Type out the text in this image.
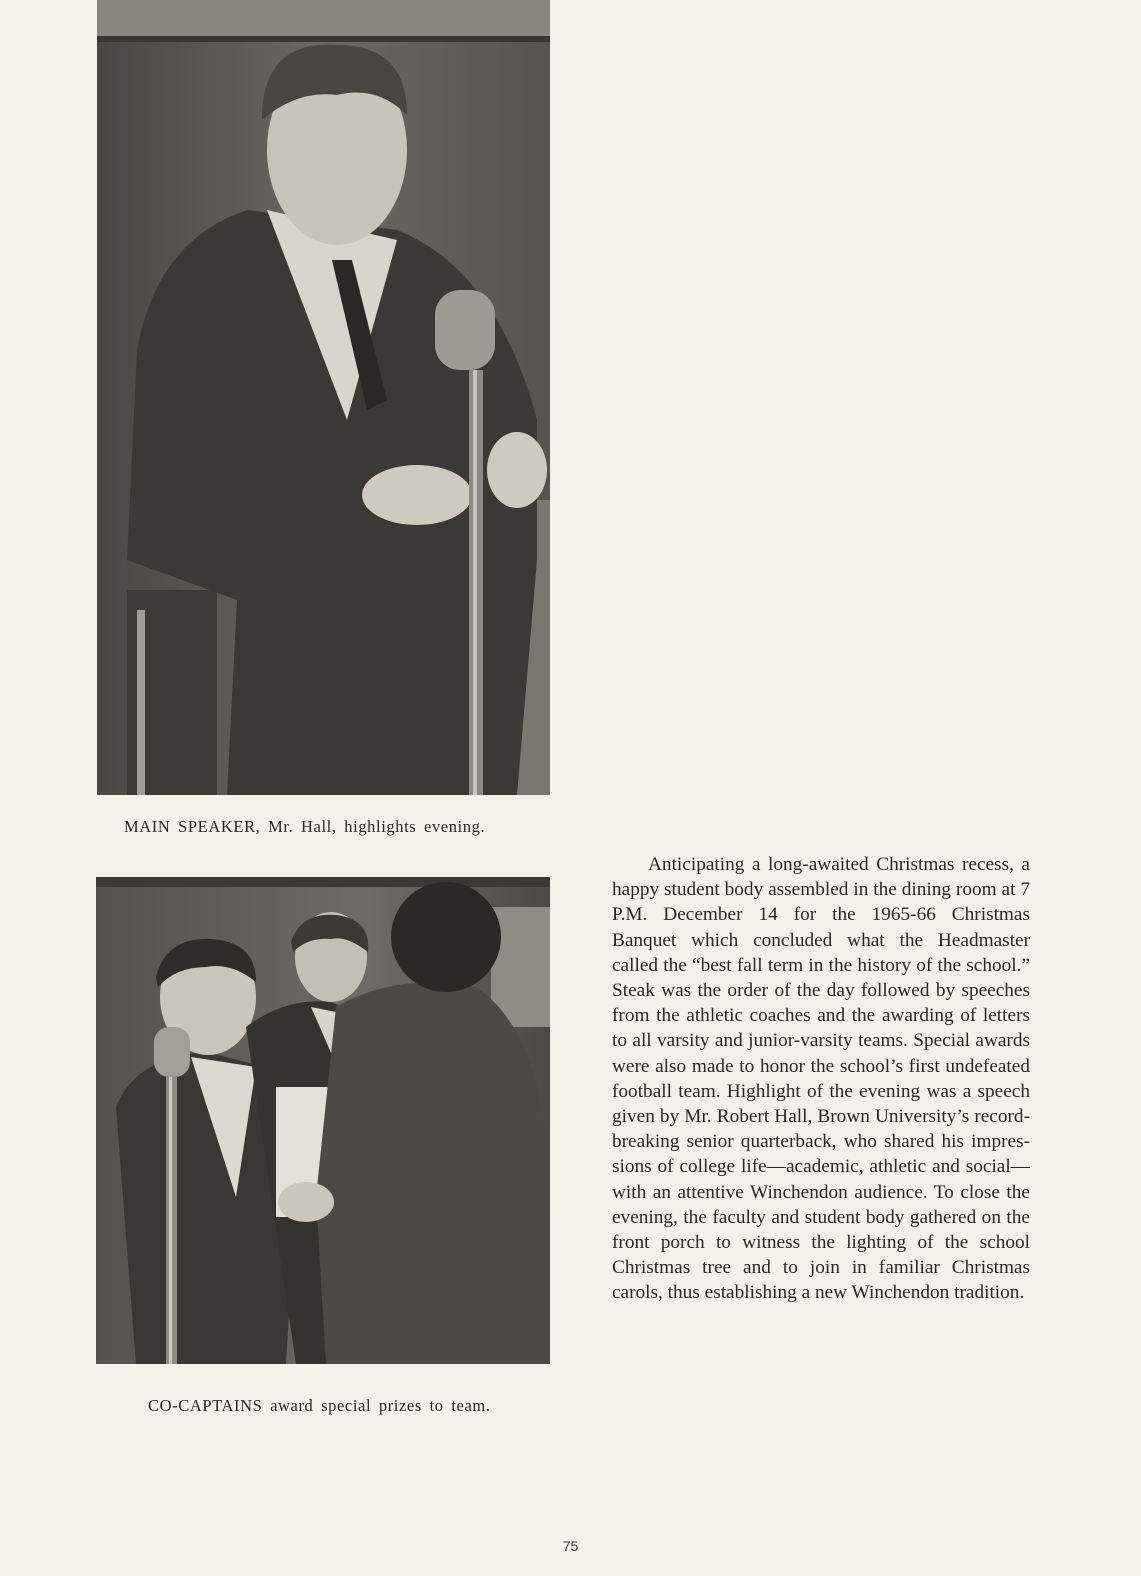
MAIN SPEAKER, Mr. Hall, highlights evening.
CO-CAPTAINS award special prizes to team.

Anticipating a long-awaited Christmas recess, a happy student body assembled in the dining room at 7 P.M. December 14 for the 1965-66 Christmas Banquet which concluded what the Headmaster called the “best fall term in the history of the school.” Steak was the order of the day followed by speeches from the athletic coaches and the awarding of letters to all varsity and junior-varsity teams. Special awards were also made to honor the school’s first undefeated football team. Highlight of the evening was a speech given by Mr. Robert Hall, Brown University’s record-breaking senior quarterback, who shared his impressions of college life—academic, athletic and social—with an attentive Winchendon audience. To close the evening, the faculty and student body gathered on the front porch to witness the lighting of the school Christmas tree and to join in familiar Christmas carols, thus establishing a new Winchendon tradition.

75
